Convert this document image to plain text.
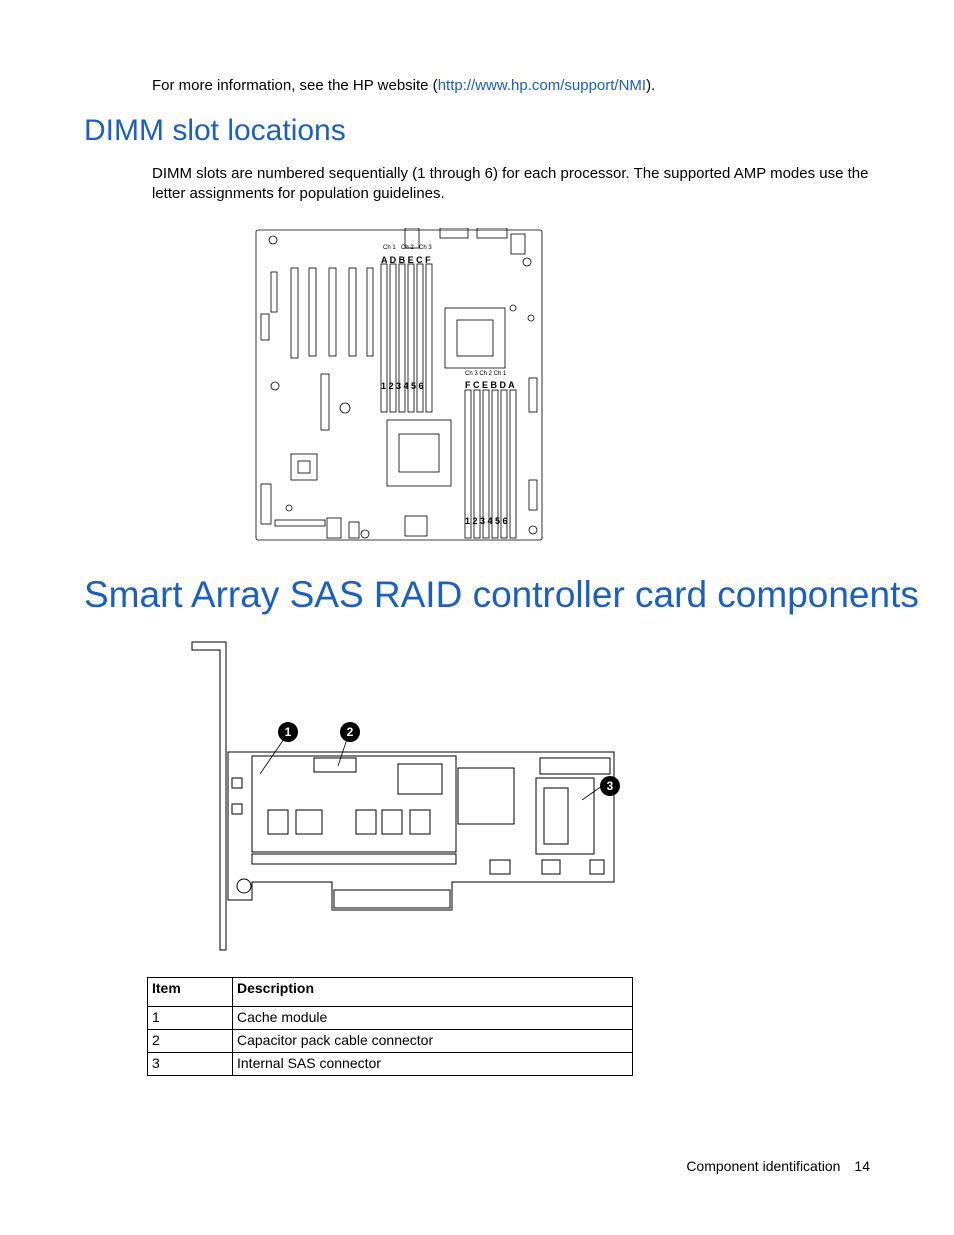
For more information, see the HP website (http://www.hp.com/support/NMI).
DIMM slot locations
DIMM slots are numbered sequentially (1 through 6) for each processor. The supported AMP modes use the
letter assignments for population guidelines.
Ch 1 Ch 2 Ch 3
A D B E C F
1 2 3 4 5 6
Ch 3 Ch 2 Ch 1
F C E B D A
1 2 3 4 5 6
Smart Array SAS RAID controller card components
1	2
3
Item	Description
1	Cache module
2	Capacitor pack cable connector
3	Internal SAS connector
Component identification 14
